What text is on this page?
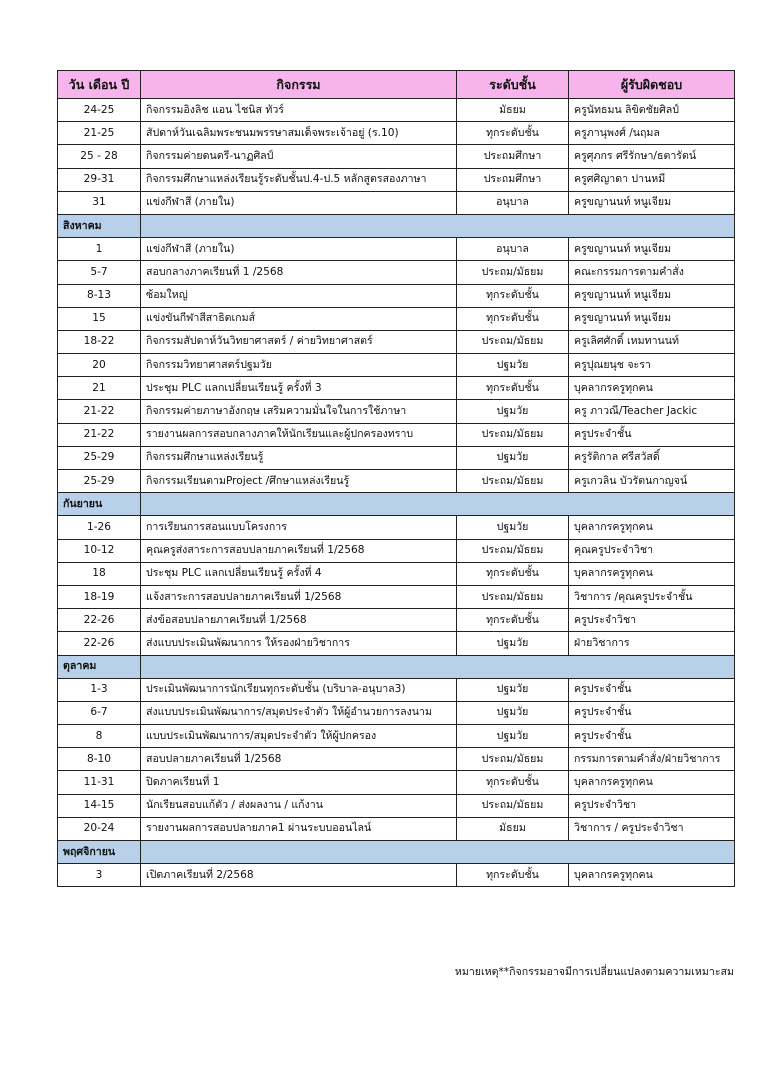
วัน เดือน ปี	กิจกรรม	ระดับชั้น	ผู้รับผิดชอบ
24-25	กิจกรรมอิงลิช แอน ไชนิส ทัวร์	มัธยม	ครูนัทธมน ลิขิตชัยศิลป์
21-25	สัปดาห์วันเฉลิมพระชนมพรรษาสมเด็จพระเจ้าอยู่ (ร.10)	ทุกระดับชั้น	ครูภานุพงศ์ /นฤมล
25 - 28	กิจกรรมค่ายดนตรี-นาฏศิลป์	ประถมศึกษา	ครูศุภกร ศรีรักษา/ธตารัตน์
29-31	กิจกรรมศึกษาแหล่งเรียนรู้ระดับชั้นป.4-ป.5 หลักสูตรสองภาษา	ประถมศึกษา	ครูศศิญาดา ปานหมี
31	แข่งกีฬาสี (ภายใน)	อนุบาล	ครูขญานนท์ หนูเจียม
สิงหาคม			
1	แข่งกีฬาสี (ภายใน)	อนุบาล	ครูขญานนท์ หนูเจียม
5-7	สอบกลางภาคเรียนที่ 1 /2568	ประถม/มัธยม	คณะกรรมการตามคำสั่ง
8-13	ซ้อมใหญ่	ทุกระดับชั้น	ครูขญานนท์ หนูเจียม
15	แข่งขันกีฬาสีสาธิตเกมส์	ทุกระดับชั้น	ครูขญานนท์ หนูเจียม
18-22	กิจกรรมสัปดาห์วันวิทยาศาสตร์ / ค่ายวิทยาศาสตร์	ประถม/มัธยม	ครูเลิศศักดิ์ เหมทานนท์
20	กิจกรรมวิทยาศาสตร์ปฐมวัย	ปฐมวัย	ครูปุณยนุช จะรา
21	ประชุม PLC แลกเปลี่ยนเรียนรู้ ครั้งที่ 3	ทุกระดับชั้น	บุคลากรครูทุกคน
21-22	กิจกรรมค่ายภาษาอังกฤษ เสริมความมั่นใจในการใช้ภาษา	ปฐมวัย	ครู ภาวณี/Teacher Jackic
21-22	รายงานผลการสอบกลางภาคให้นักเรียนและผู้ปกครองทราบ	ประถม/มัธยม	ครูประจำชั้น
25-29	กิจกรรมศึกษาแหล่งเรียนรู้	ปฐมวัย	ครูรัติกาล ศรีสวัสดิ์
25-29	กิจกรรมเรียนตามProject /ศึกษาแหล่งเรียนรู้	ประถม/มัธยม	ครูเกวลิน บัวรัตนกาญจน์
กันยายน			
1-26	การเรียนการสอนแบบโครงการ	ปฐมวัย	บุคลากรครูทุกคน
10-12	คุณครูส่งสาระการสอบปลายภาคเรียนที่ 1/2568	ประถม/มัธยม	คุณครูประจำวิชา
18	ประชุม PLC แลกเปลี่ยนเรียนรู้ ครั้งที่ 4	ทุกระดับชั้น	บุคลากรครูทุกคน
18-19	แจ้งสาระการสอบปลายภาคเรียนที่ 1/2568	ประถม/มัธยม	วิชาการ /คุณครูประจำชั้น
22-26	ส่งข้อสอบปลายภาคเรียนที่ 1/2568	ทุกระดับชั้น	ครูประจำวิชา
22-26	ส่งแบบประเมินพัฒนาการ ให้รองฝ่ายวิชาการ	ปฐมวัย	ฝ่ายวิชาการ
ตุลาคม			
1-3	ประเมินพัฒนาการนักเรียนทุกระดับชั้น (บริบาล-อนุบาล3)	ปฐมวัย	ครูประจำชั้น
6-7	ส่งแบบประเมินพัฒนาการ/สมุดประจำตัว ให้ผู้อำนวยการลงนาม	ปฐมวัย	ครูประจำชั้น
8	แบบประเมินพัฒนาการ/สมุดประจำตัว ให้ผู้ปกครอง	ปฐมวัย	ครูประจำชั้น
8-10	สอบปลายภาคเรียนที่ 1/2568	ประถม/มัธยม	กรรมการตามคำสั่ง/ฝ่ายวิชาการ
11-31	ปิดภาคเรียนที่ 1	ทุกระดับชั้น	บุคลากรครูทุกคน
14-15	นักเรียนสอบแก้ตัว / ส่งผลงาน / แก้งาน	ประถม/มัธยม	ครูประจำวิชา
20-24	รายงานผลการสอบปลายภาค1 ผ่านระบบออนไลน์	มัธยม	วิชาการ / ครูประจำวิชา
พฤศจิกายน			
3	เปิดภาคเรียนที่ 2/2568	ทุกระดับชั้น	บุคลากรครูทุกคน
หมายเหตุ**กิจกรรมอาจมีการเปลี่ยนแปลงตามความเหมาะสม
